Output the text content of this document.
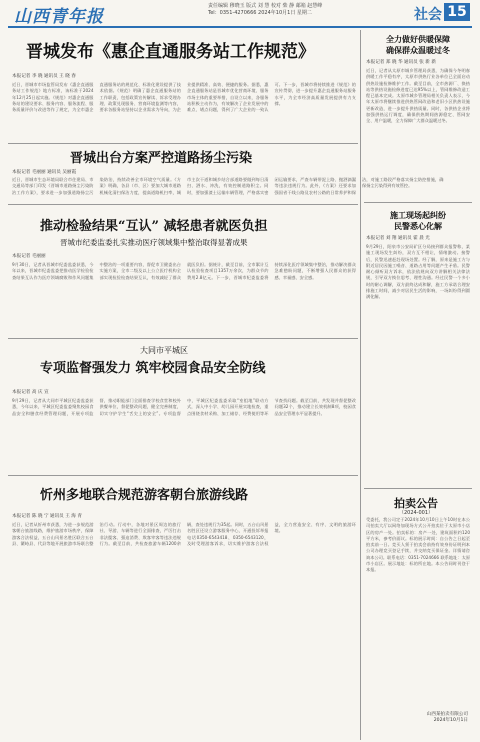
山西青年报
责任编辑 穆晓玉 版式 刘 慧 校对 柴 静 邮箱 赵慧峰
Tel：0351-4270666 2024年10月1日 星期二	社会 15
晋城发布《惠企直通服务站工作规范》
本报记者 李 晓 通讯员 王 晓 春
近日，晋城市市场监管局发布《惠企直通服务站工作规范》地方标准，该标准于2024年12月25日起实施。《规范》对惠企直通服务站的建设要求、服务内容、服务流程、服务质量评价与改进等作了规定，为全市惠企直通服务站的规范化、标准化建设提供了技术依据。《规范》明确了惠企直通服务站的工作职责，包括政策宣传解读、诉求受理办理、政策兑现服务、营商环境监测等内容，要求各服务站坚持以企业需求为导向，为企业提供精准、高效、便捷的服务。据悉，惠企直通服务站是晋城市优化营商环境、服务市场主体的重要举措，自设立以来，各服务站积极主动作为，有效解决了企业发展中的难点、堵点问题，得到了广大企业的一致认可。下一步，晋城市将持续推进《规范》的宣传贯彻，进一步提升惠企直通服务站服务水平，为全市经济高质量发展提供有力支撑。
晋城出台方案严控道路扬尘污染
本报记者 毛丽丽 通讯员 吴丽霞
近日，晋城市生态环境局联合市住建局、市交通局等部门印发《晋城市道路扬尘污染防治工作方案》，要求进一步加强道路扬尘污染防治，持续改善全市环境空气质量。《方案》明确，各县（市、区）要加大城市道路机械化清扫保洁力度，提高道路机扫率，城市主次干道和城乡结合部道路要做到每日清扫、洒水、冲洗，有效控制道路积尘。同时，要加强渣土运输车辆管理，严格落实密闭运输要求，严查车辆带泥上路、抛洒滴漏等违法违规行为。此外，《方案》还要求加强国省干线公路及农村公路的日常养护和保洁，对施工路段严格落实扬尘防控措施，确保扬尘污染得到有效管控。
推动检验结果“互认” 减轻患者就医负担
晋城市纪委监委扎实推动医疗领域集中整治取得显著成果
本报记者 毛丽丽
9月30日，记者从晋城市纪委监委获悉，今年以来，晋城市纪委监委把推动医学检验检查结果互认作为医疗领域腐败和作风问题集中整治的一项重要内容，督促市卫健委出台实施方案，全市二级及以上公立医疗机构全部实现检验检查结果互认，有效减轻了群众就医负担。据统计，截至目前，全市累计互认检验检查项目1357万余次，为群众节约费用2.8亿元。下一步，晋城市纪委监委将持续深化医疗领域集中整治，推动解决群众急难愁盼问题，不断增强人民群众的获得感、幸福感、安全感。
大同市平城区
专项监督强发力 筑牢校园食品安全防线
本报记者 高 庆 宣
9月29日，记者从大同市平城区纪委监委获悉，今年以来，平城区纪委监委聚焦校园食品安全和膳食经费管理问题，开展专项监督，推动职能部门全面排查学校食堂和校外供餐单位，督促整改问题，健全完善制度，切实守护学生“舌尖上的安全”。专项监督中，平城区纪委监委采取“室组地”联动方式，深入中小学、幼儿园开展实地检查，重点围绕食材采购、加工储存、经费使用等环节查找问题。截至目前，共发现并督促整改问题32个，推动建立长效机制8项，校园食品安全管理水平显著提升。
忻州多地联合规范游客朝台旅游线路
本报记者 陈 晓 宁 通讯员 王 海 青
近日，记者从忻州市获悉，为进一步规范游客朝台旅游线路，维护旅游市场秩序，保障游客合法权益，五台山风景名胜区联合五台县、繁峙县、代县等地开展旅游市场联合整治行动。行动中，各地对景区周边的旅行社、导游、车辆等进行全面排查，严厉打击非法揽客、强迫消费、欺客宰客等违法违规行为。截至目前，共检查旅游车辆1200余辆，查处违规行为35起。同时，五台山风景名胜区还设立游客服务中心，开通投诉举报电话0350-6543418、0350-6543120，及时受理游客诉求，切实维护游客合法权益，全力营造安全、有序、文明的旅游环境。
全力做好供暖保障
确保群众温暖过冬
本报记者 郑 晓 华 通讯员 张 新 新
近日，记者从太原市城乡管理局获悉，为确保今冬明春供暖工作平稳有序，太原市供热行业各单位已全面启动供热设施检修维护工作。截至目前，全市热源厂、换热站等供热设施检修进度已达95%以上，管网维修改造工程已基本完成。太原市城乡管理局相关负责人表示，今年太原市将继续推进供热管网改造和老旧小区供热设施更新改造，进一步提升供热质量。同时，各供热企业将加强供热运行调度，确保供热期间热源稳定、管网安全、用户温暖，全力保障广大群众温暖过冬。
施工现场起纠纷
民警悉心化解
本报记者 刘 翔 通讯员 霍 晨 光
9月29日，阳泉市公安局矿区分局接到群众报警称，某施工现场发生纠纷，双方互不相让，情绪激动。接警后，民警迅速赶赴现场处置。经了解，原来是施工方与附近居民因施工噪音、道路占用等问题产生矛盾。民警耐心倾听双方诉求，依法依规向双方讲解相关法律法规，引导双方换位思考、理性沟通。经过民警一个多小时的耐心调解，双方最终达成和解，施工方承诺合理安排施工时间，减少对居民生活的影响，一场纠纷得到圆满化解。
拍卖公告
（2024-001）
受委托，我公司定于2024年10月10日上午10时在本公司拍卖大厅以网络加现场方式公开拍卖位于太原市小店区的房产一处。拍卖标的：房产一处，建筑面积约120平方米，参考价面议。标的展示时间：自公告之日起至拍卖前一日。竞买人须于拍卖会前持有效身份证明到本公司办理竞买登记手续，并交纳竞买保证金。详情请咨询本公司。联系电话：0351-7024666 联系地址：太原市小店区。展示地址：标的所在地。本公告同时刊登于本报。
山西某拍卖有限公司
2024年10月1日
